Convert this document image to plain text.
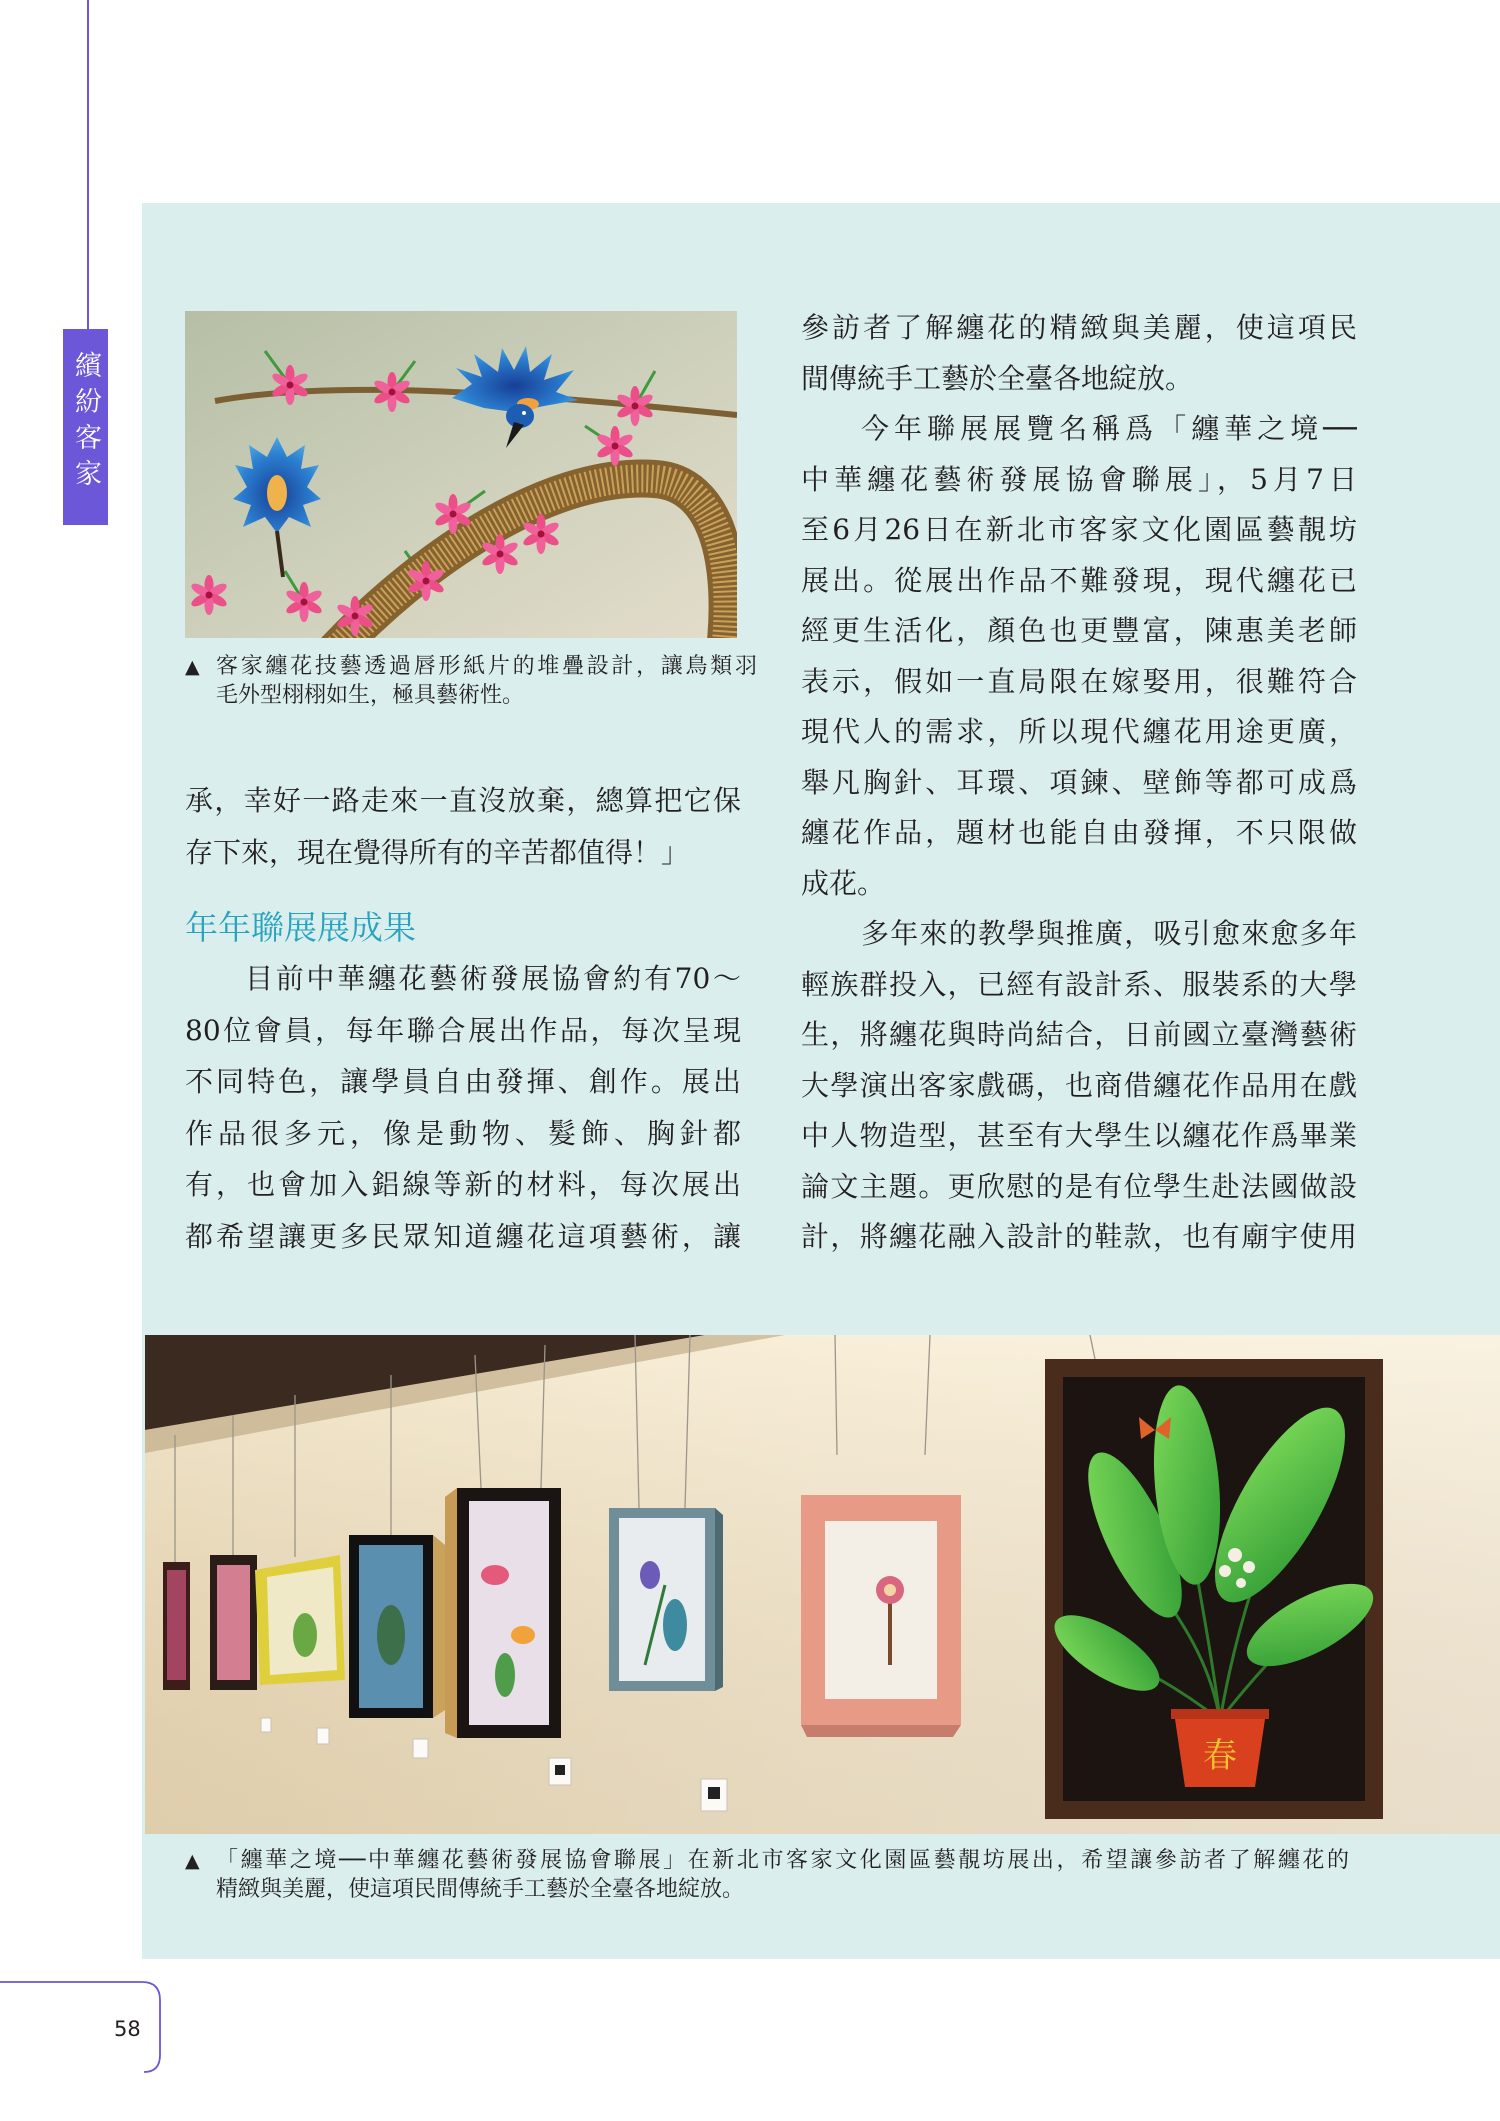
繽紛客家
▲ 客家纏花技藝透過唇形紙片的堆疊設計，讓鳥類羽
毛外型栩栩如生，極具藝術性。
承，幸好一路走來一直沒放棄，總算把它保
存下來，現在覺得所有的辛苦都值得！」
年年聯展展成果
目前中華纏花藝術發展協會約有70～
80位會員，每年聯合展出作品，每次呈現
不同特色，讓學員自由發揮、創作。展出
作品很多元，像是動物、髮飾、胸針都
有，也會加入鋁線等新的材料，每次展出
都希望讓更多民眾知道纏花這項藝術，讓
參訪者了解纏花的精緻與美麗，使這項民
間傳統手工藝於全臺各地綻放。
今年聯展展覽名稱爲「纏華之境──
中華纏花藝術發展協會聯展」，5月7日
至6月26日在新北市客家文化園區藝靚坊
展出。從展出作品不難發現，現代纏花已
經更生活化，顏色也更豐富，陳惠美老師
表示，假如一直局限在嫁娶用，很難符合
現代人的需求，所以現代纏花用途更廣，
舉凡胸針、耳環、項鍊、壁飾等都可成爲
纏花作品，題材也能自由發揮，不只限做
成花。
多年來的教學與推廣，吸引愈來愈多年
輕族群投入，已經有設計系、服裝系的大學
生，將纏花與時尚結合，日前國立臺灣藝術
大學演出客家戲碼，也商借纏花作品用在戲
中人物造型，甚至有大學生以纏花作爲畢業
論文主題。更欣慰的是有位學生赴法國做設
計，將纏花融入設計的鞋款，也有廟宇使用
春
▲ 「纏華之境──中華纏花藝術發展協會聯展」在新北市客家文化園區藝靚坊展出，希望讓參訪者了解纏花的
精緻與美麗，使這項民間傳統手工藝於全臺各地綻放。
58
